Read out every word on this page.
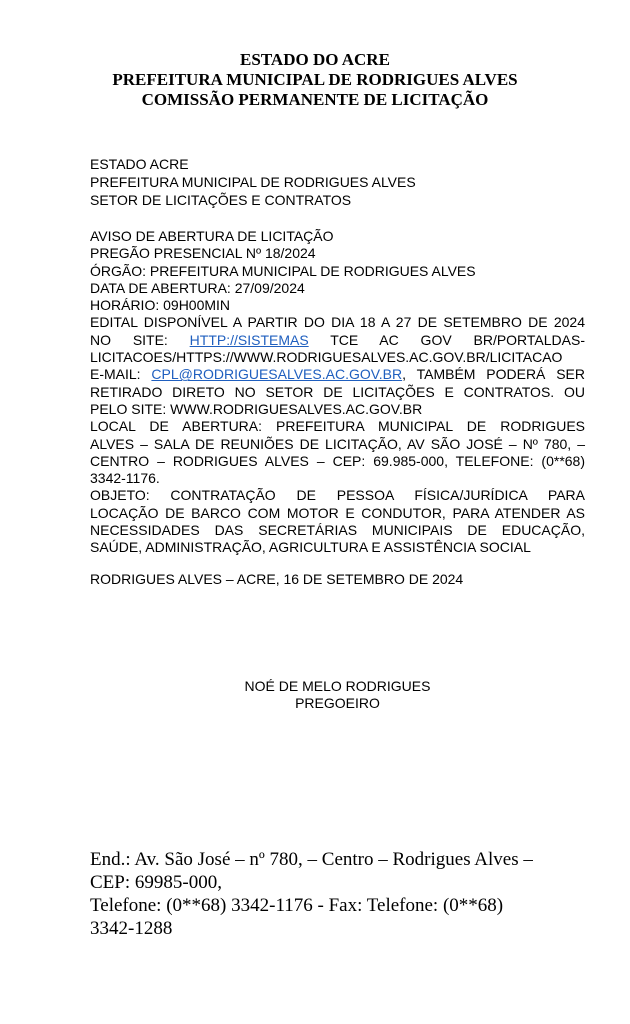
ESTADO DO ACRE
PREFEITURA MUNICIPAL DE RODRIGUES ALVES
COMISSÃO PERMANENTE DE LICITAÇÃO
ESTADO ACRE
PREFEITURA MUNICIPAL DE RODRIGUES ALVES
SETOR DE LICITAÇÕES E CONTRATOS
AVISO DE ABERTURA DE LICITAÇÃO
PREGÃO PRESENCIAL Nº 18/2024
ÓRGÃO: PREFEITURA MUNICIPAL DE RODRIGUES ALVES
DATA DE ABERTURA: 27/09/2024
HORÁRIO: 09H00MIN
EDITAL DISPONÍVEL A PARTIR DO DIA 18 A 27 DE SETEMBRO DE 2024
NO SITE: HTTP://SISTEMAS TCE AC GOV BR/PORTALDAS-
LICITACOES/HTTPS://WWW.RODRIGUESALVES.AC.GOV.BR/LICITACAO
E-MAIL: CPL@RODRIGUESALVES.AC.GOV.BR, TAMBÉM PODERÁ SER
RETIRADO DIRETO NO SETOR DE LICITAÇÕES E CONTRATOS. OU
PELO SITE: WWW.RODRIGUESALVES.AC.GOV.BR
LOCAL DE ABERTURA: PREFEITURA MUNICIPAL DE RODRIGUES
ALVES – SALA DE REUNIÕES DE LICITAÇÃO, AV SÃO JOSÉ – Nº 780, –
CENTRO – RODRIGUES ALVES – CEP: 69.985-000, TELEFONE: (0**68)
3342-1176.
OBJETO: CONTRATAÇÃO DE PESSOA FÍSICA/JURÍDICA PARA
LOCAÇÃO DE BARCO COM MOTOR E CONDUTOR, PARA ATENDER AS
NECESSIDADES DAS SECRETÁRIAS MUNICIPAIS DE EDUCAÇÃO,
SAÚDE, ADMINISTRAÇÃO, AGRICULTURA E ASSISTÊNCIA SOCIAL
RODRIGUES ALVES – ACRE, 16 DE SETEMBRO DE 2024
NOÉ DE MELO RODRIGUES
PREGOEIRO
End.: Av. São José – nº 780, – Centro – Rodrigues Alves –
CEP: 69985-000,
Telefone: (0**68) 3342-1176 - Fax: Telefone: (0**68)
3342-1288
